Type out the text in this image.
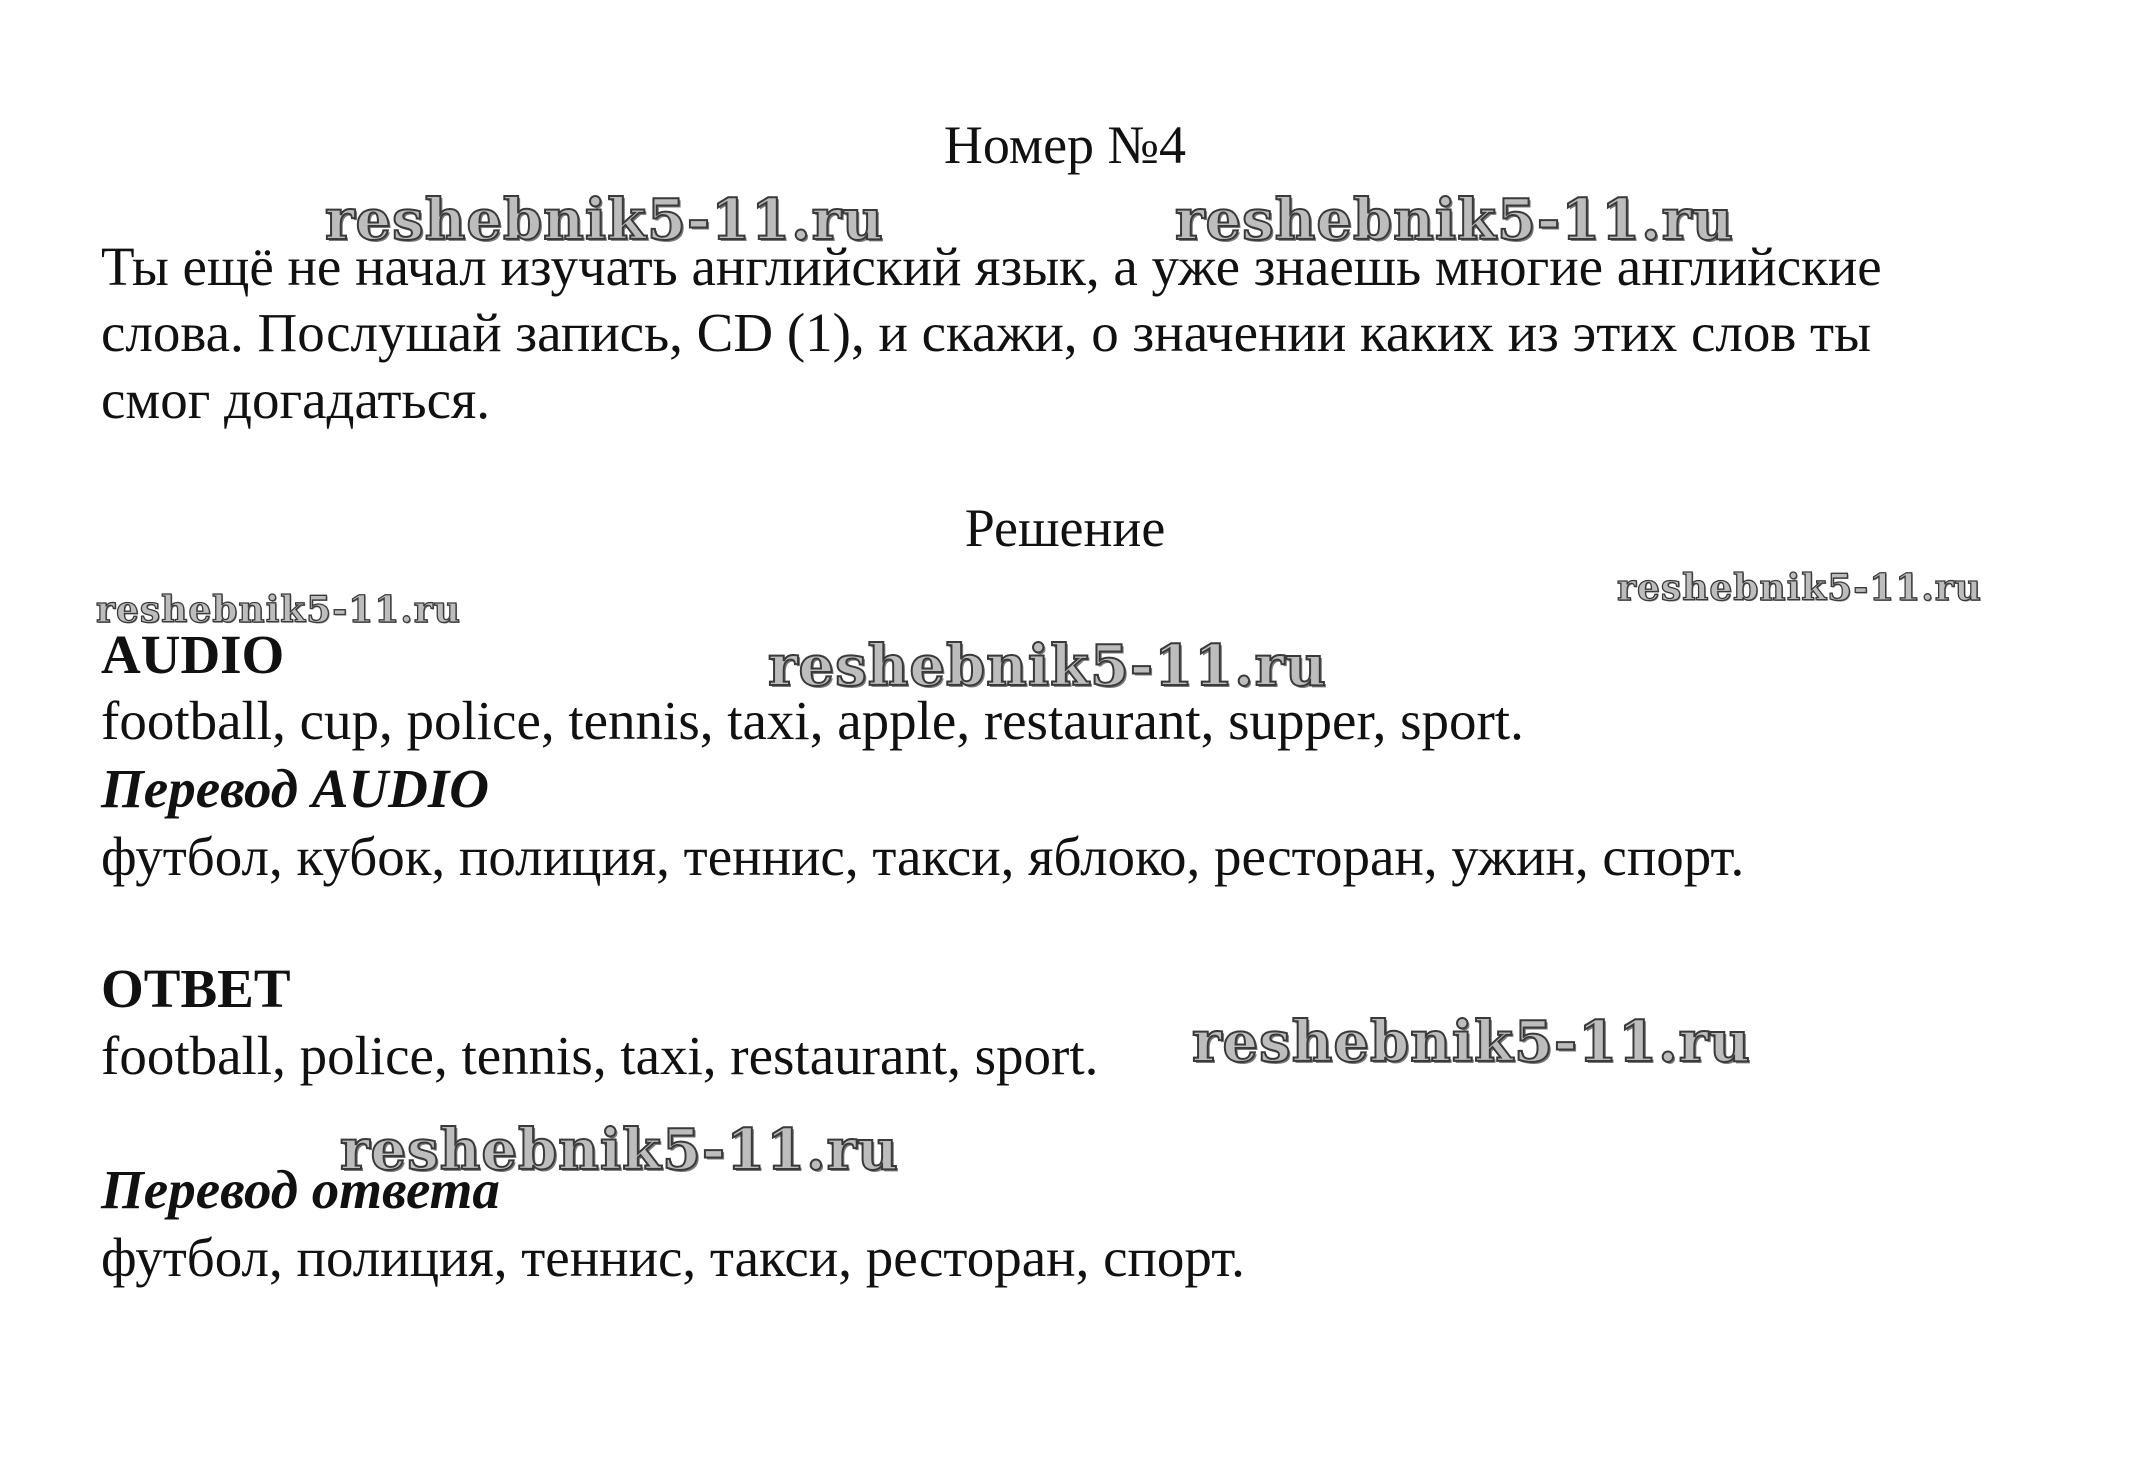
Номер №4
Ты ещё не начал изучать английский язык, а уже знаешь многие английские
слова. Послушай запись, CD (1), и скажи, о значении каких из этих слов ты
смог догадаться.
Решение
AUDIO
football, cup, police, tennis, taxi, apple, restaurant, supper, sport.
Перевод AUDIO
футбол, кубок, полиция, теннис, такси, яблоко, ресторан, ужин, спорт.
ОТВЕТ
football, police, tennis, taxi, restaurant, sport.
Перевод ответа
футбол, полиция, теннис, такси, ресторан, спорт.
reshebnik5-11.ru	reshebnik5-11.ru
reshebnik5-11.ru
reshebnik5-11.ru
reshebnik5-11.ru
reshebnik5-11.ru
reshebnik5-11.ru
